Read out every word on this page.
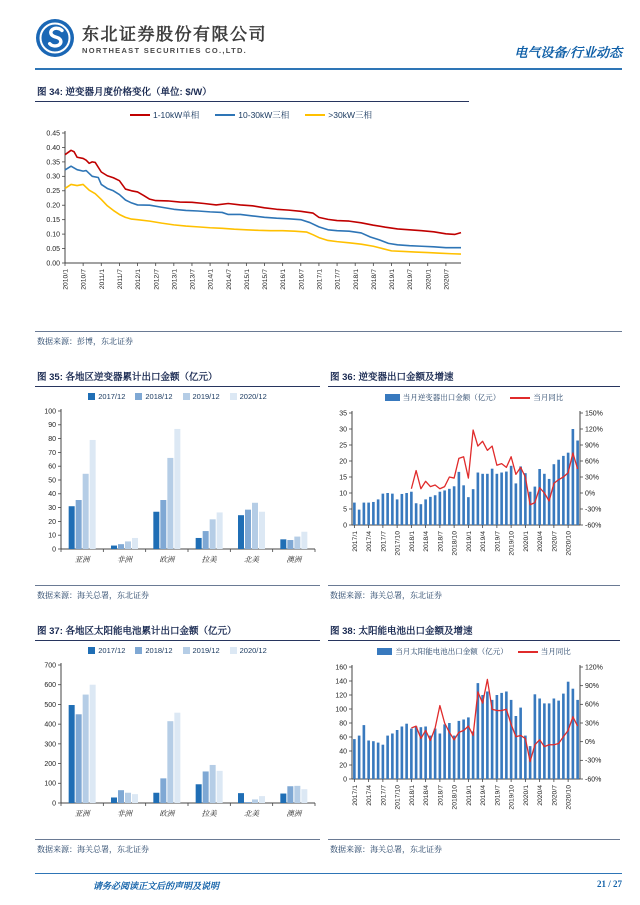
东北证券股份有限公司
NORTHEAST SECURITIES CO.,LTD.	电气设备/行业动态
图 34: 逆变器月度价格变化（单位: $/W）
1-10kW单相	10-30kW三相	>30kW三相
0.00
0.05
0.10
0.15
0.20
0.25
0.30
0.35
0.40
0.45
2010/1 2010/7 2011/1 2011/7 2012/1 2012/7 2013/1 2013/7 2014/1 2014/7 2015/1 2015/7 2016/1 2016/7 2017/1 2017/7 2018/1 2018/7 2019/1 2019/7 2020/1 2020/7
数据来源：彭博，东北证券
图 35: 各地区逆变器累计出口金额（亿元）
2017/12	2018/12	2019/12	2020/12
0
10
20
30
40
50
60
70
80
90
100
亚洲	非洲	欧洲	拉美	北美	澳洲
数据来源：海关总署，东北证券
图 36: 逆变器出口金额及增速
当月逆变器出口金额（亿元）	当月同比
0
5
10
15
20
25
30
35
-60%
-30%
0%
30%
60%
90%
120%
150%
2017/1 2017/4 2017/7 2017/10 2018/1 2018/4 2018/7 2018/10 2019/1 2019/4 2019/7 2019/10 2020/1 2020/4 2020/7 2020/10
数据来源：海关总署，东北证券
图 37: 各地区太阳能电池累计出口金额（亿元）
2017/12	2018/12	2019/12	2020/12
0
100
200
300
400
500
600
700
亚洲	非洲	欧洲	拉美	北美	澳洲
数据来源：海关总署，东北证券
图 38: 太阳能电池出口金额及增速
当月太阳能电池出口金额（亿元）	当月同比
0
20
40
60
80
100
120
140
160
-60%
-30%
0%
30%
60%
90%
120%
2017/1 2017/4 2017/7 2017/10 2018/1 2018/4 2018/7 2018/10 2019/1 2019/4 2019/7 2019/10 2020/1 2020/4 2020/7 2020/10
数据来源：海关总署，东北证券
请务必阅读正文后的声明及说明	21 / 27
